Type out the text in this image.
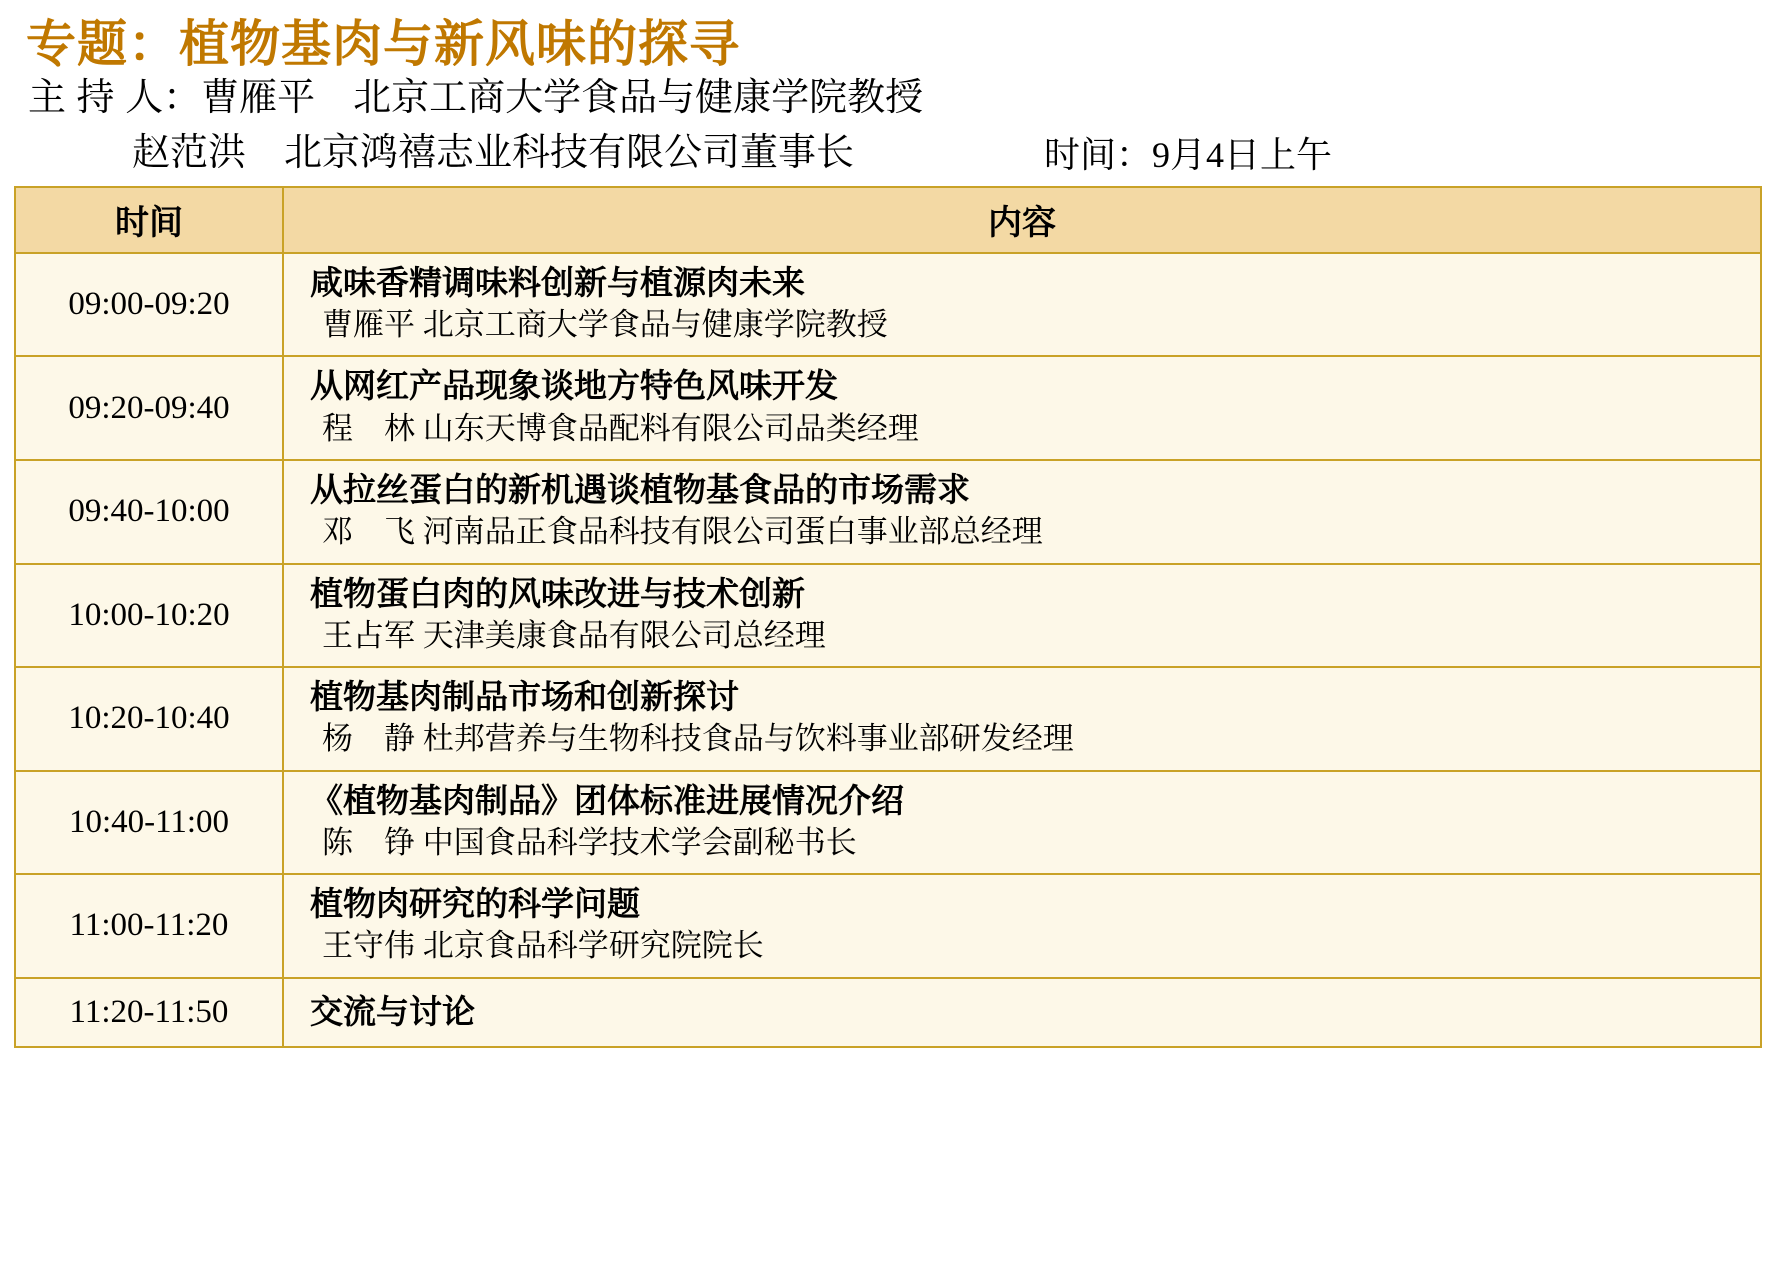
专题：植物基肉与新风味的探寻
主 持 人：曹雁平　北京工商大学食品与健康学院教授
赵范洪　北京鸿禧志业科技有限公司董事长	时间：9月4日上午
时间	内容
09:00-09:20	咸味香精调味料创新与植源肉未来
曹雁平 北京工商大学食品与健康学院教授

09:20-09:40	从网红产品现象谈地方特色风味开发
程　林 山东天博食品配料有限公司品类经理

09:40-10:00	从拉丝蛋白的新机遇谈植物基食品的市场需求
邓　飞 河南品正食品科技有限公司蛋白事业部总经理

10:00-10:20	植物蛋白肉的风味改进与技术创新
王占军 天津美康食品有限公司总经理

10:20-10:40	植物基肉制品市场和创新探讨
杨　静 杜邦营养与生物科技食品与饮料事业部研发经理

10:40-11:00	《植物基肉制品》团体标准进展情况介绍
陈　铮 中国食品科学技术学会副秘书长

11:00-11:20	植物肉研究的科学问题
王守伟 北京食品科学研究院院长

11:20-11:50	交流与讨论
